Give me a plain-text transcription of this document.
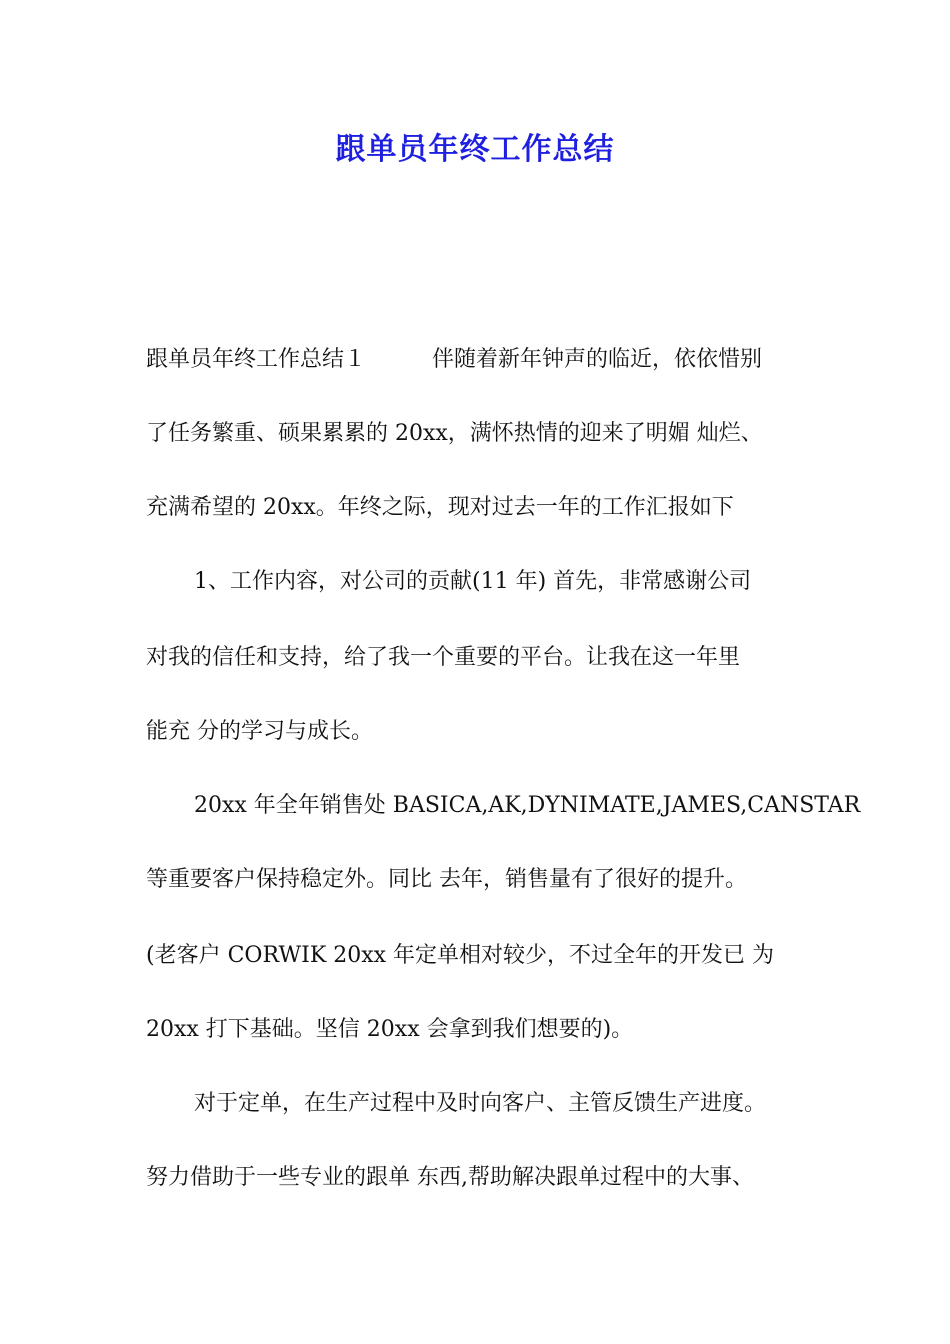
跟单员年终工作总结
跟单员年终工作总结１　　　伴随着新年钟声的临近，依依惜别
了任务繁重、硕果累累的 20xx，满怀热情的迎来了明媚 灿烂、
充满希望的 20xx。年终之际，现对过去一年的工作汇报如下
1、工作内容，对公司的贡献(11 年) 首先，非常感谢公司
对我的信任和支持，给了我一个重要的平台。让我在这一年里
能充 分的学习与成长。
20xx 年全年销售处 BASICA,AK,DYNIMATE,JAMES,CANSTAR
等重要客户保持稳定外。同比 去年，销售量有了很好的提升。
(老客户 CORWIK 20xx 年定单相对较少，不过全年的开发已 为
20xx 打下基础。坚信 20xx 会拿到我们想要的)。
对于定单，在生产过程中及时向客户、主管反馈生产进度。
努力借助于一些专业的跟单 东西,帮助解决跟单过程中的大事、
